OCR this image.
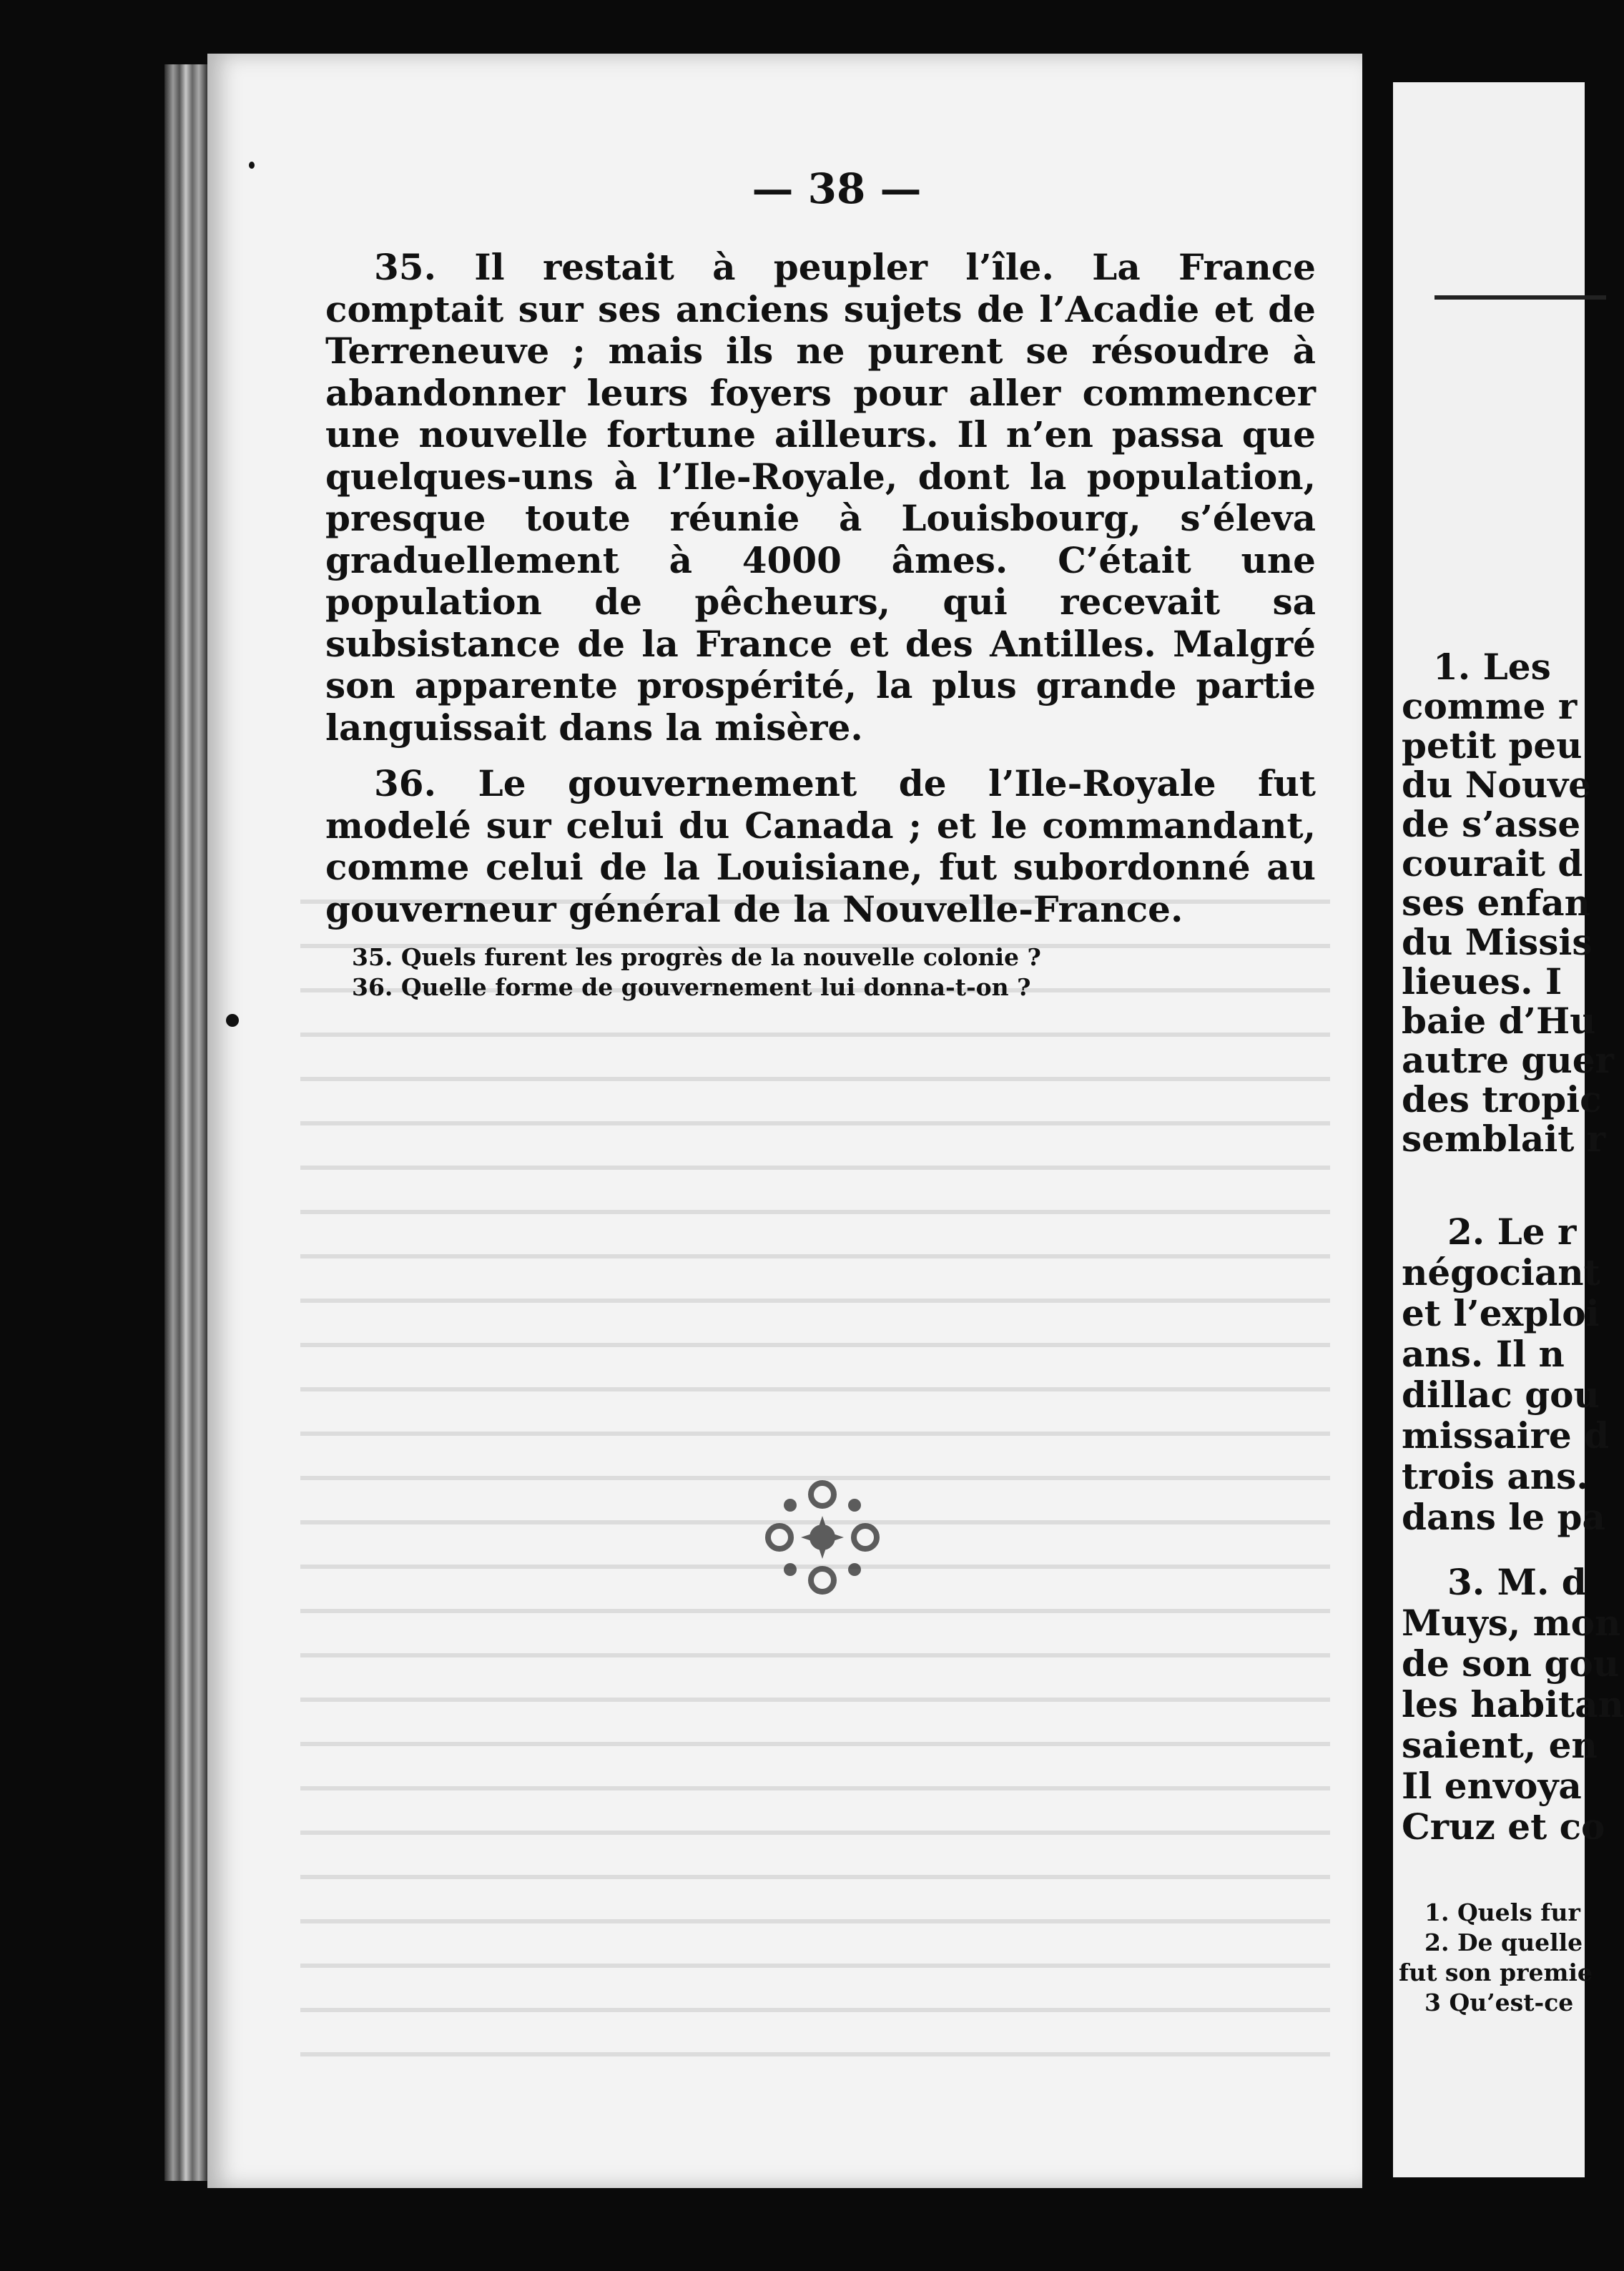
— 38 —

35. Il restait à peupler l’île. La France comptait sur ses anciens sujets de l’Acadie et de Terreneuve ; mais ils ne purent se résoudre à abandonner leurs foyers pour aller commencer une nouvelle fortune ailleurs. Il n’en passa que quelques-uns à l’Ile-Royale, dont la population, presque toute réunie à Louisbourg, s’éleva graduellement à 4000 âmes. C’était une population de pêcheurs, qui recevait sa subsistance de la France et des Antilles. Malgré son apparente prospérité, la plus grande partie languissait dans la misère.

36. Le gouvernement de l’Ile-Royale fut modelé sur celui du Canada ; et le commandant, comme celui de la Louisiane, fut subordonné au gouverneur général de la Nouvelle-France.

35. Quels furent les progrès de la nouvelle colonie ?
36. Quelle forme de gouvernement lui donna-t-on ?
1. Les
comme r
petit peu
du Nouve
de s’asse
courait d
ses enfan
du Missis
lieues. I
baie d’Hu
autre guer
des tropic
semblait r
2. Le r
négociant
et l’exploi
ans. Il n
dillac gou
missaire d
trois ans.
dans le pa
3. M. d
Muys, mon
de son gou
les habitan
saient, en
Il envoya
Cruz et co
1. Quels fur
2. De quelle
fut son premie
3 Qu’est-ce
